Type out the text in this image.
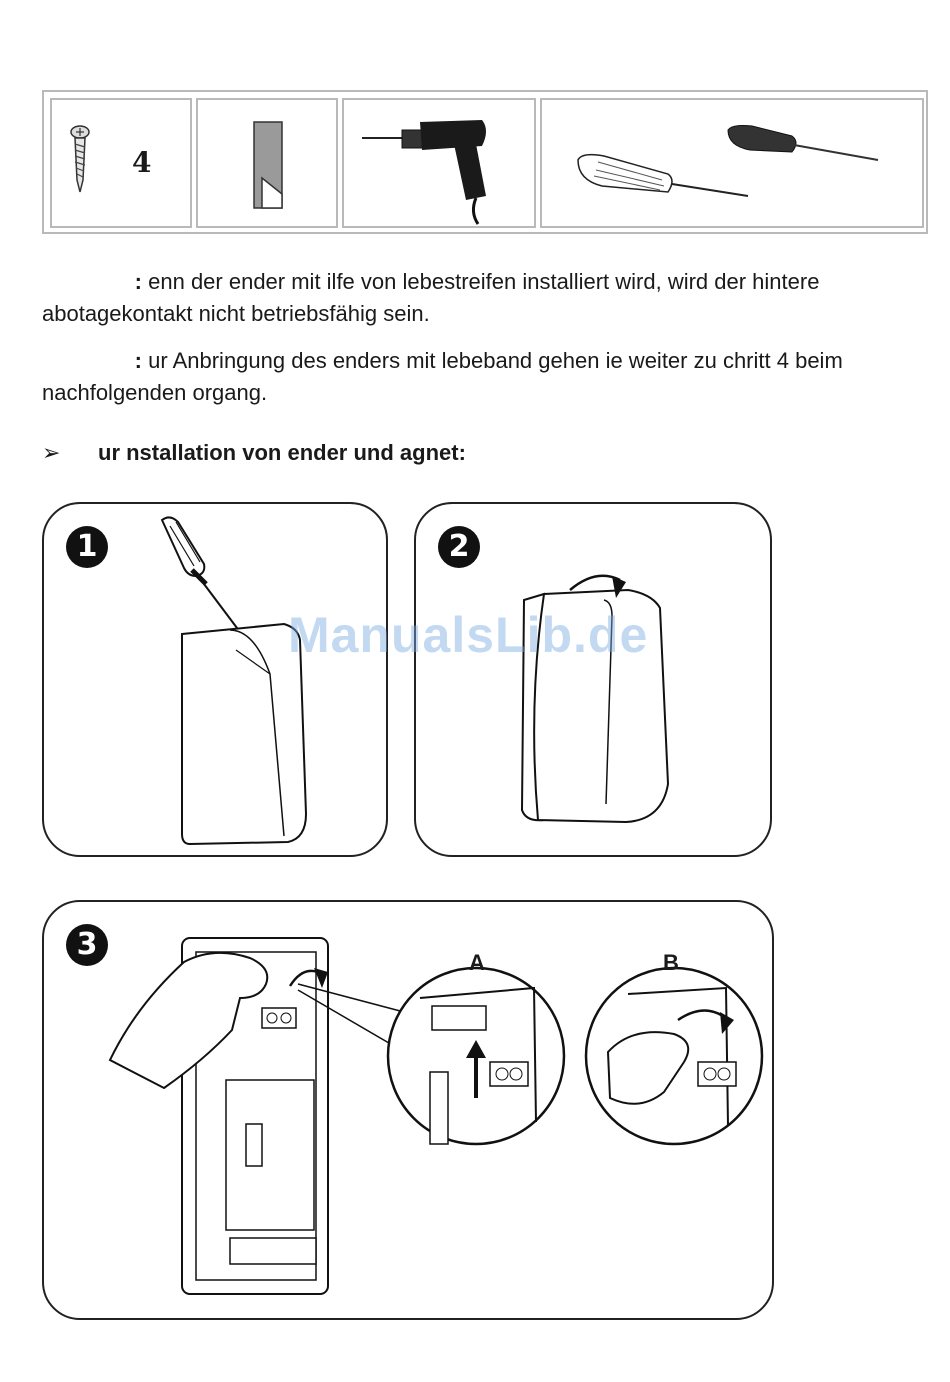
4
: enn der ender mit ilfe von lebestreifen installiert wird, wird der hintere abotagekontakt nicht betriebsfähig sein.
: ur Anbringung des enders mit lebeband gehen ie weiter zu chritt 4 beim nachfolgenden organg.
➢ ur nstallation von ender und agnet:
1	2
ManualsLib.de
3
A	B
